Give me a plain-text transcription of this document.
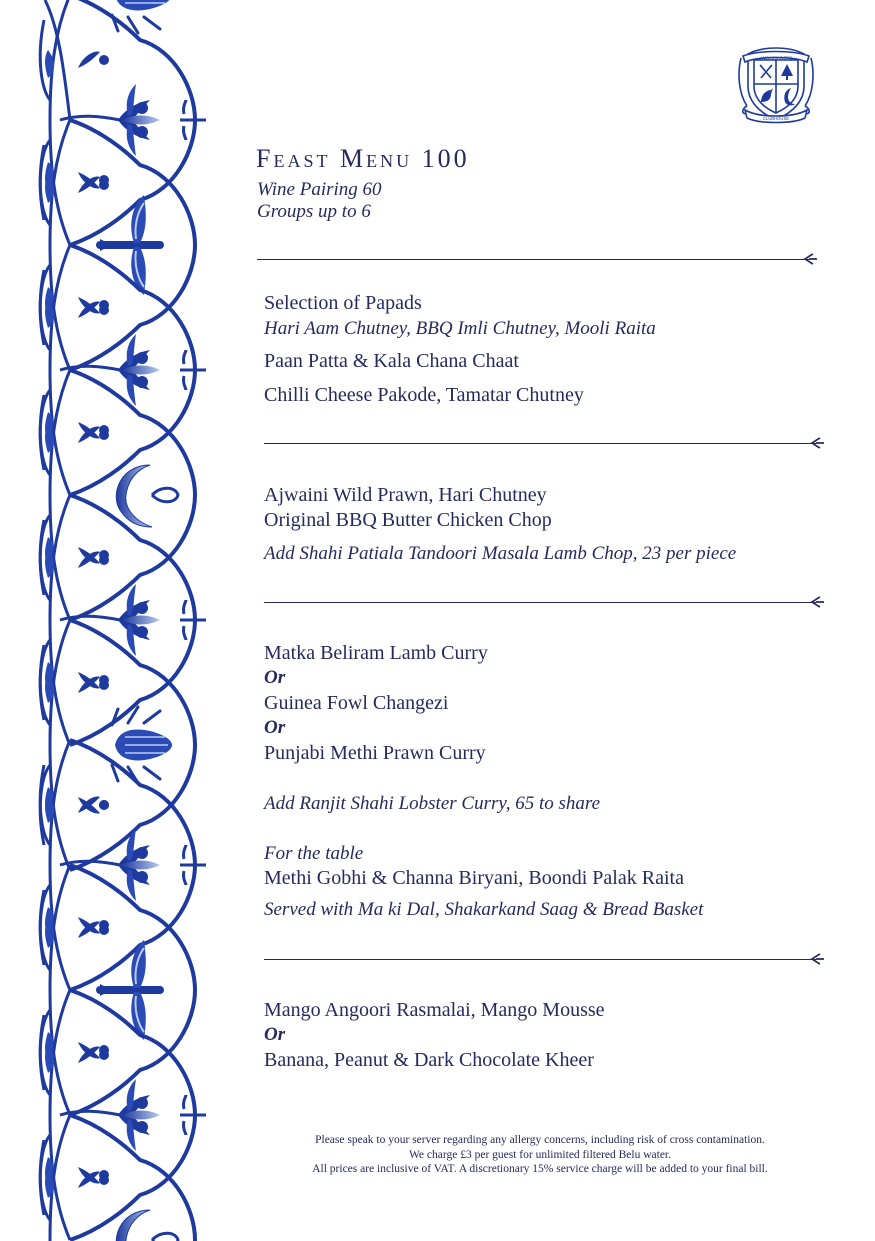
AMBASSADORS
CLUBHOUSE
Feast Menu 100
Wine Pairing 60
Groups up to 6
Selection of Papads
Hari Aam Chutney, BBQ Imli Chutney, Mooli Raita
Paan Patta & Kala Chana Chaat
Chilli Cheese Pakode, Tamatar Chutney
Ajwaini Wild Prawn, Hari Chutney
Original BBQ Butter Chicken Chop
Add Shahi Patiala Tandoori Masala Lamb Chop, 23 per piece
Matka Beliram Lamb Curry
Or
Guinea Fowl Changezi
Or
Punjabi Methi Prawn Curry
Add Ranjit Shahi Lobster Curry, 65 to share
For the table
Methi Gobhi & Channa Biryani, Boondi Palak Raita
Served with Ma ki Dal, Shakarkand Saag & Bread Basket
Mango Angoori Rasmalai, Mango Mousse
Or
Banana, Peanut & Dark Chocolate Kheer
Please speak to your server regarding any allergy concerns, including risk of cross contamination.
We charge £3 per guest for unlimited filtered Belu water.
All prices are inclusive of VAT. A discretionary 15% service charge will be added to your final bill.
